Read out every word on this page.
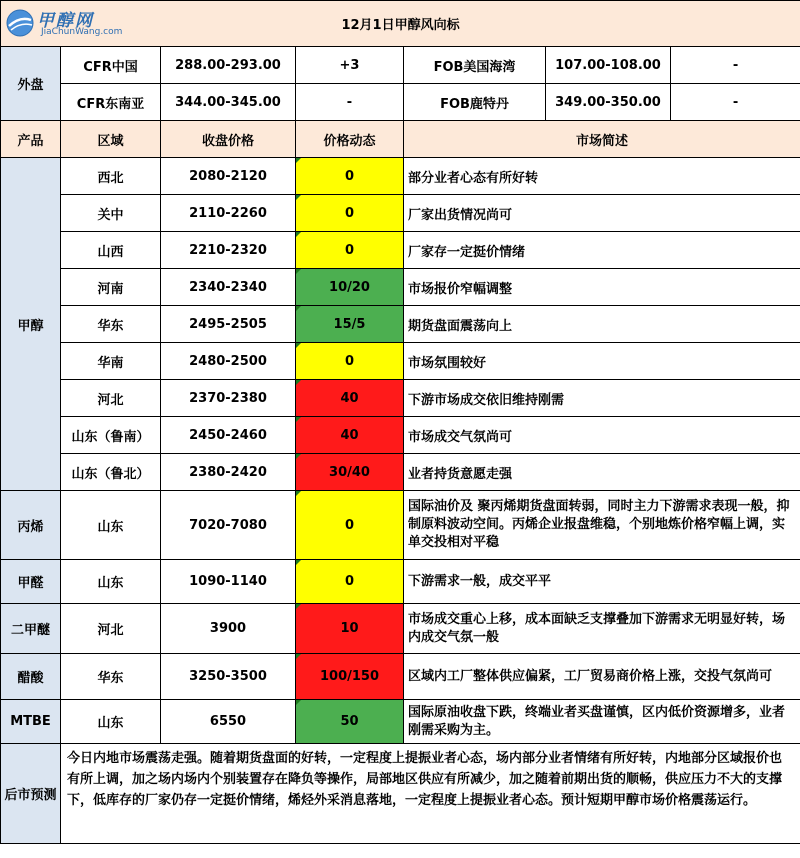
甲醇网
JiaChunWang.com 12月1日甲醇风向标						
外盘	CFR中国	288.00-293.00	+3	FOB美国海湾	107.00-108.00	-
	CFR东南亚	344.00-345.00	-	FOB鹿特丹	349.00-350.00	-
产品	区域	收盘价格	价格动态	市场简述		
甲醇	西北	2080-2120	0	部分业者心态有所好转		
	关中	2110-2260	0	厂家出货情况尚可		
	山西	2210-2320	0	厂家存一定挺价情绪		
	河南	2340-2340	10/20	市场报价窄幅调整		
	华东	2495-2505	15/5	期货盘面震荡向上		
	华南	2480-2500	0	市场氛围较好		
	河北	2370-2380	40	下游市场成交依旧维持刚需		
	山东（鲁南）	2450-2460	40	市场成交气氛尚可		
	山东（鲁北）	2380-2420	30/40	业者持货意愿走强		
丙烯	山东	7020-7080	0	国际油价及 聚丙烯期货盘面转弱，同时主力下游需求表现一般，抑制原料波动空间。丙烯企业报盘维稳，个别地炼价格窄幅上调，实单交投相对平稳		
甲醛	山东	1090-1140	0	下游需求一般，成交平平		
二甲醚	河北	3900	10	市场成交重心上移，成本面缺乏支撑叠加下游需求无明显好转，场内成交气氛一般		
醋酸	华东	3250-3500	100/150	区域内工厂整体供应偏紧，工厂贸易商价格上涨，交投气氛尚可		
MTBE	山东	6550	50	国际原油收盘下跌，终端业者买盘谨慎，区内低价资源增多，业者刚需采购为主。		
后市预测	今日内地市场震荡走强。随着期货盘面的好转，一定程度上提振业者心态，场内部分业者情绪有所好转，内地部分区域报价也有所上调，加之场内场内个别装置存在降负等操作，局部地区供应有所减少，加之随着前期出货的顺畅，供应压力不大的支撑下，低库存的厂家仍存一定挺价情绪，烯烃外采消息落地，一定程度上提振业者心态。预计短期甲醇市场价格震荡运行。					
